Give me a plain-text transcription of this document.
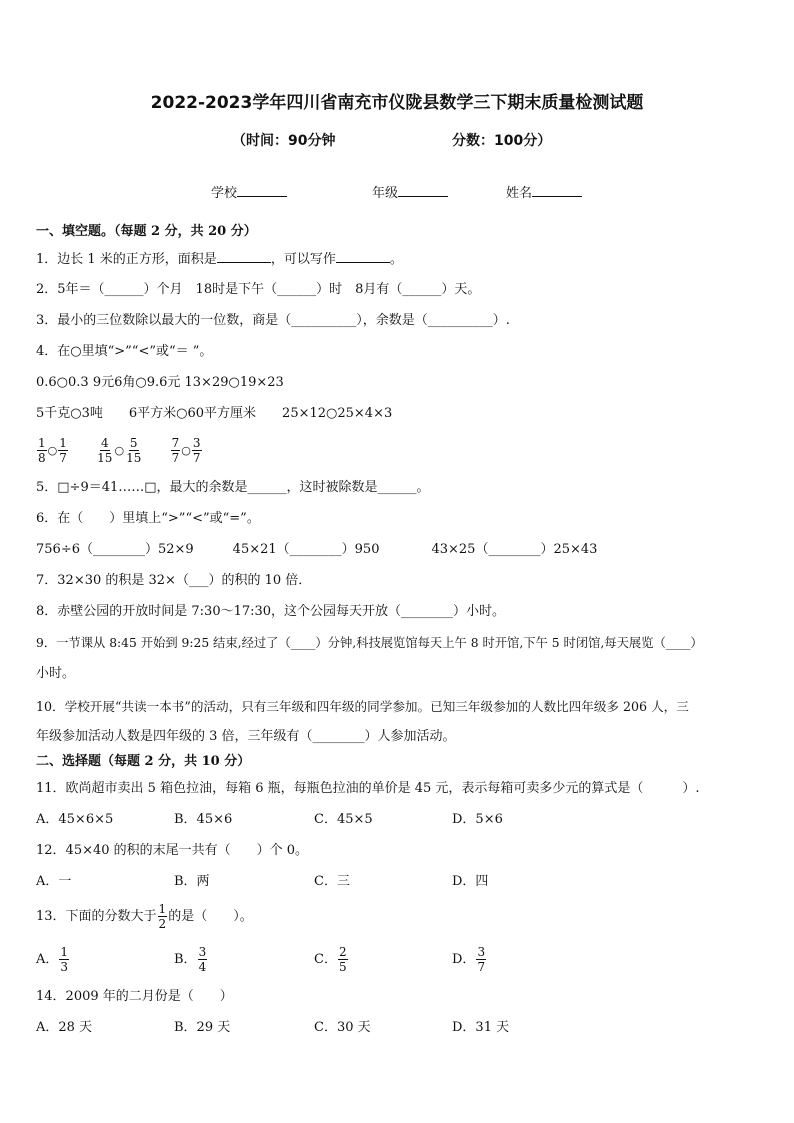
2022-2023学年四川省南充市仪陇县数学三下期末质量检测试题
（时间：90分钟	分数：100分）
学校	年级	姓名
一、填空题。（每题 2 分，共 20 分）
1．边长 1 米的正方形，面积是	，可以写作	。
2．5年＝（______）个月　18时是下午（______）时　8月有（______）天。
3．最小的三位数除以最大的一位数，商是（__________），余数是（__________）.
4．在○里填“>”“<”或“＝ ”。
0.6○0.3 9元6角○9.6元 13×29○19×23
5千克○3吨　　6平方米○60平方厘米　　25×12○25×4×3
$\frac{1}{8}$ ○ $\frac{1}{7}$
$\frac{4}{15}$ ○ $\frac{5}{15}$
$\frac{7}{7}$ ○ $\frac{3}{7}$
5．□÷9＝41……□，最大的余数是______，这时被除数是______。
6．在（　　）里填上“>”“<”或“=”。
756÷6（________）52×9　　　45×21（________）950　　　　43×25（________）25×43
7．32×30 的积是 32×（___）的积的 10 倍．
8．赤壁公园的开放时间是 7:30～17:30，这个公园每天开放（________）小时。
9．一节课从 8:45 开始到 9:25 结束,经过了（____）分钟,科技展览馆每天上午 8 时开馆,下午 5 时闭馆,每天展览（____）
小时。
10．学校开展“共读一本书”的活动，只有三年级和四年级的同学参加。已知三年级参加的人数比四年级多 206 人，三
年级参加活动人数是四年级的 3 倍，三年级有（________）人参加活动。
二、选择题（每题 2 分，共 10 分）
11．欧尚超市卖出 5 箱色拉油，每箱 6 瓶，每瓶色拉油的单价是 45 元，表示每箱可卖多少元的算式是（　　　）.
A．45×6×5	B．45×6	C．45×5	D．5×6
12．45×40 的积的末尾一共有（　　）个 0。
A．一	B．两	C．三	D．四
13．下面的分数大于 $\frac{1}{2}$ 的是（　　）。
A． $\frac{1}{3}$	B． $\frac{3}{4}$	C． $\frac{2}{5}$	D． $\frac{3}{7}$
14．2009 年的二月份是（　　）
A．28 天	B．29 天	C．30 天	D．31 天
